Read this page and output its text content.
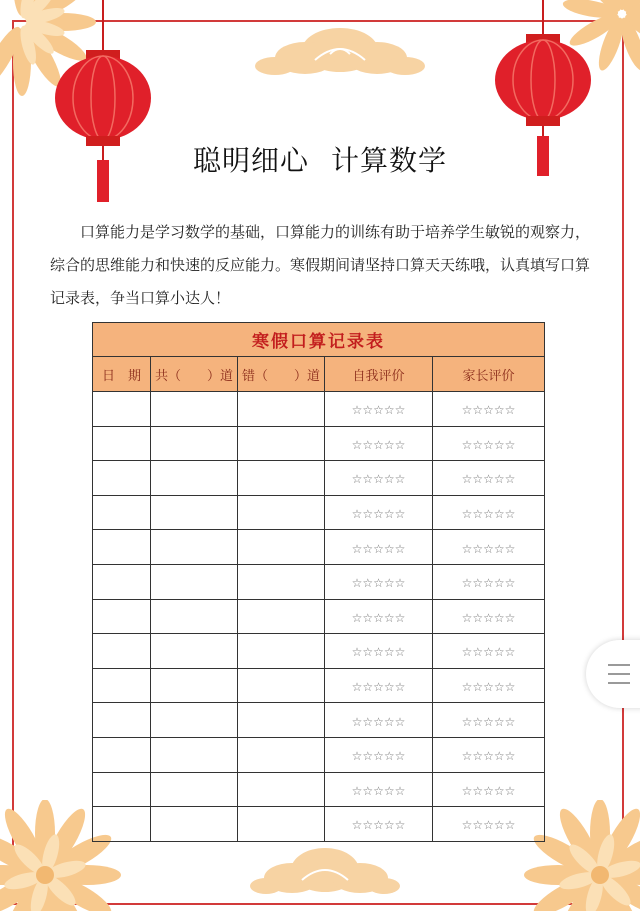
聪明细心 计算数学
口算能力是学习数学的基础，口算能力的训练有助于培养学生敏锐的观察力，综合的思维能力和快速的反应能力。寒假期间请坚持口算天天练哦，认真填写口算记录表，争当口算小达人！
寒假口算记录表				
日　期	共（　　）道	错（　　）道	自我评价	家长评价
			☆☆☆☆☆	☆☆☆☆☆
			☆☆☆☆☆	☆☆☆☆☆
			☆☆☆☆☆	☆☆☆☆☆
			☆☆☆☆☆	☆☆☆☆☆
			☆☆☆☆☆	☆☆☆☆☆
			☆☆☆☆☆	☆☆☆☆☆
			☆☆☆☆☆	☆☆☆☆☆
			☆☆☆☆☆	☆☆☆☆☆
			☆☆☆☆☆	☆☆☆☆☆
			☆☆☆☆☆	☆☆☆☆☆
			☆☆☆☆☆	☆☆☆☆☆
			☆☆☆☆☆	☆☆☆☆☆
			☆☆☆☆☆	☆☆☆☆☆
